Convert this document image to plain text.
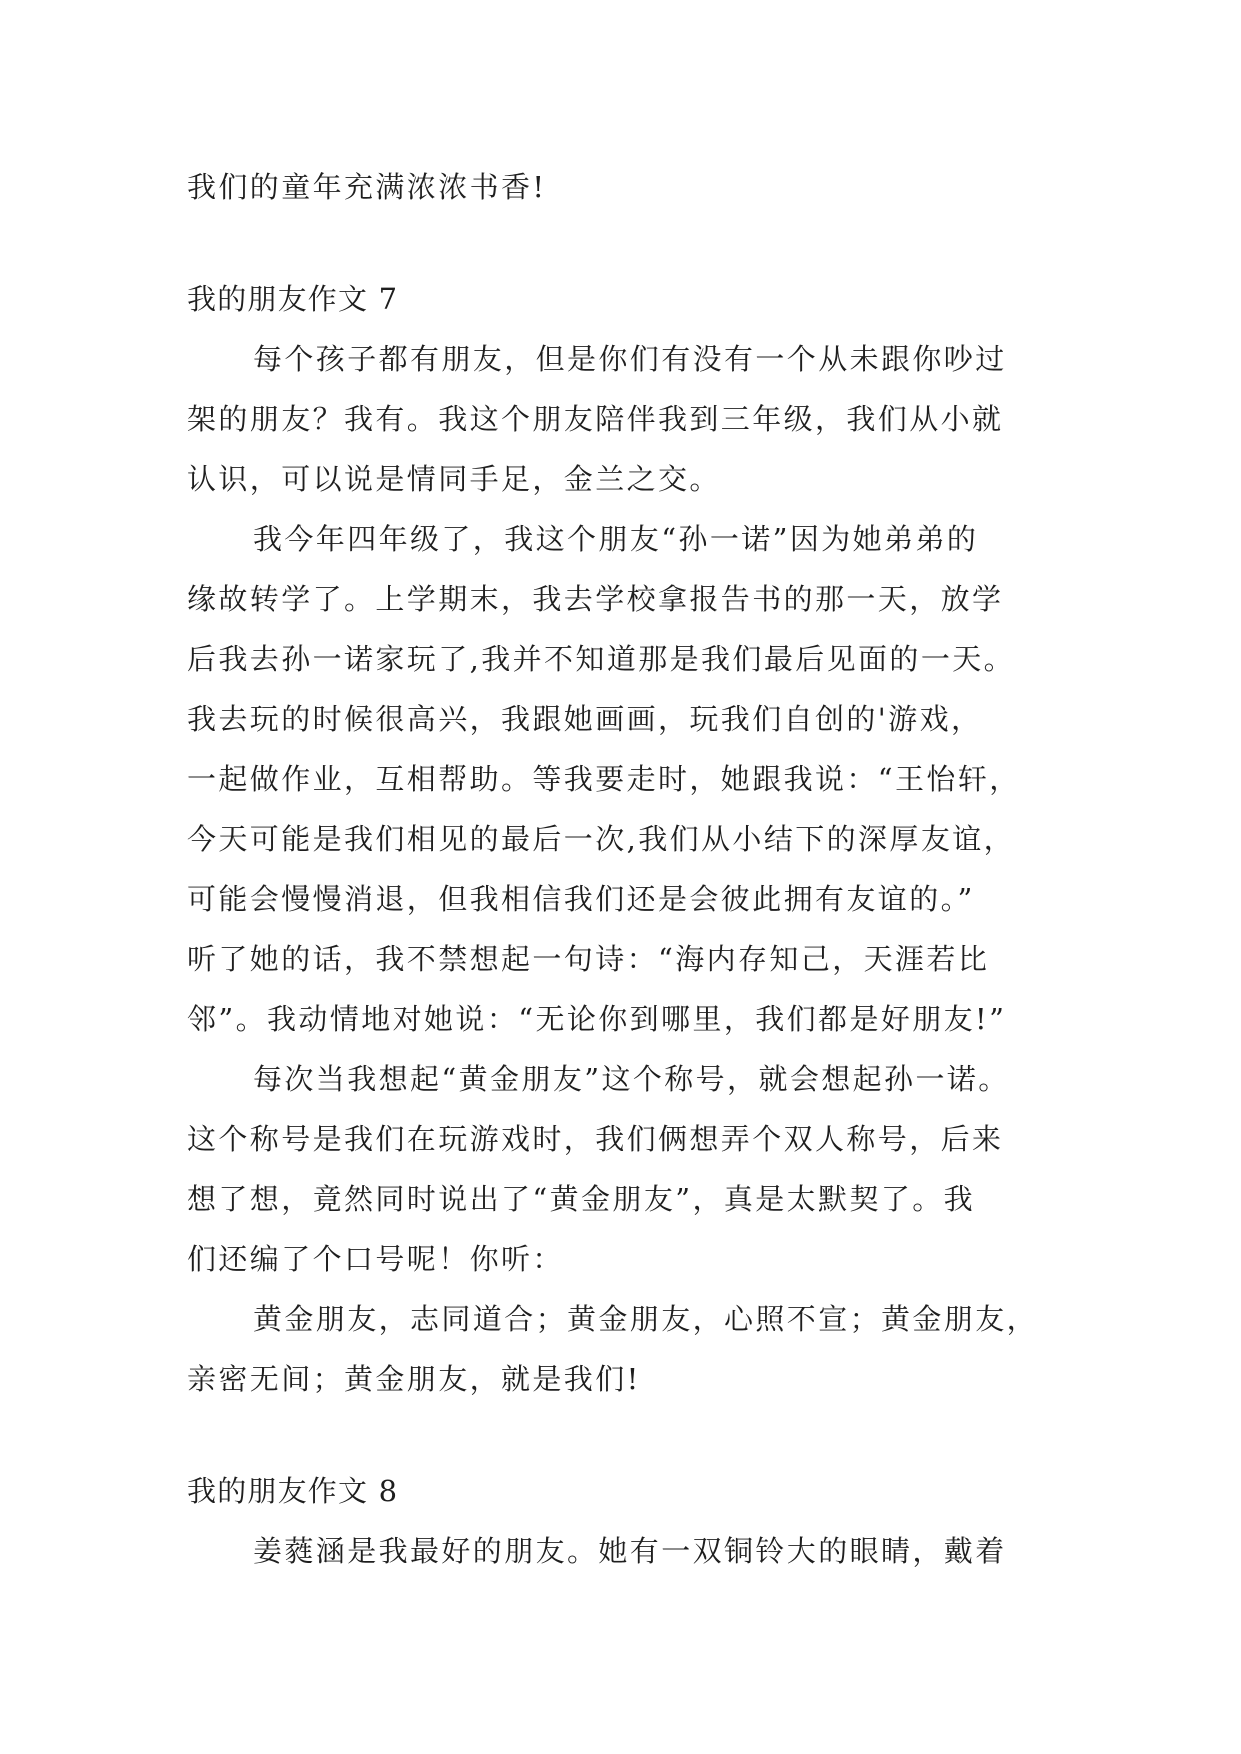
我们的童年充满浓浓书香!
我的朋友作文 7
每个孩子都有朋友，但是你们有没有一个从未跟你吵过
架的朋友？我有。我这个朋友陪伴我到三年级，我们从小就
认识，可以说是情同手足，金兰之交。
我今年四年级了，我这个朋友“孙一诺”因为她弟弟的
缘故转学了。上学期末，我去学校拿报告书的那一天，放学
后我去孙一诺家玩了,我并不知道那是我们最后见面的一天。
我去玩的时候很高兴，我跟她画画，玩我们自创的'游戏，
一起做作业，互相帮助。等我要走时，她跟我说：“王怡轩，
今天可能是我们相见的最后一次,我们从小结下的深厚友谊，
可能会慢慢消退，但我相信我们还是会彼此拥有友谊的。”
听了她的话，我不禁想起一句诗：“海内存知己，天涯若比
邻”。我动情地对她说：“无论你到哪里，我们都是好朋友!”
每次当我想起“黄金朋友”这个称号，就会想起孙一诺。
这个称号是我们在玩游戏时，我们俩想弄个双人称号，后来
想了想，竟然同时说出了“黄金朋友”，真是太默契了。我
们还编了个口号呢！你听：
黄金朋友，志同道合；黄金朋友，心照不宣；黄金朋友，
亲密无间；黄金朋友，就是我们!
我的朋友作文 8
姜蕤涵是我最好的朋友。她有一双铜铃大的眼睛，戴着
